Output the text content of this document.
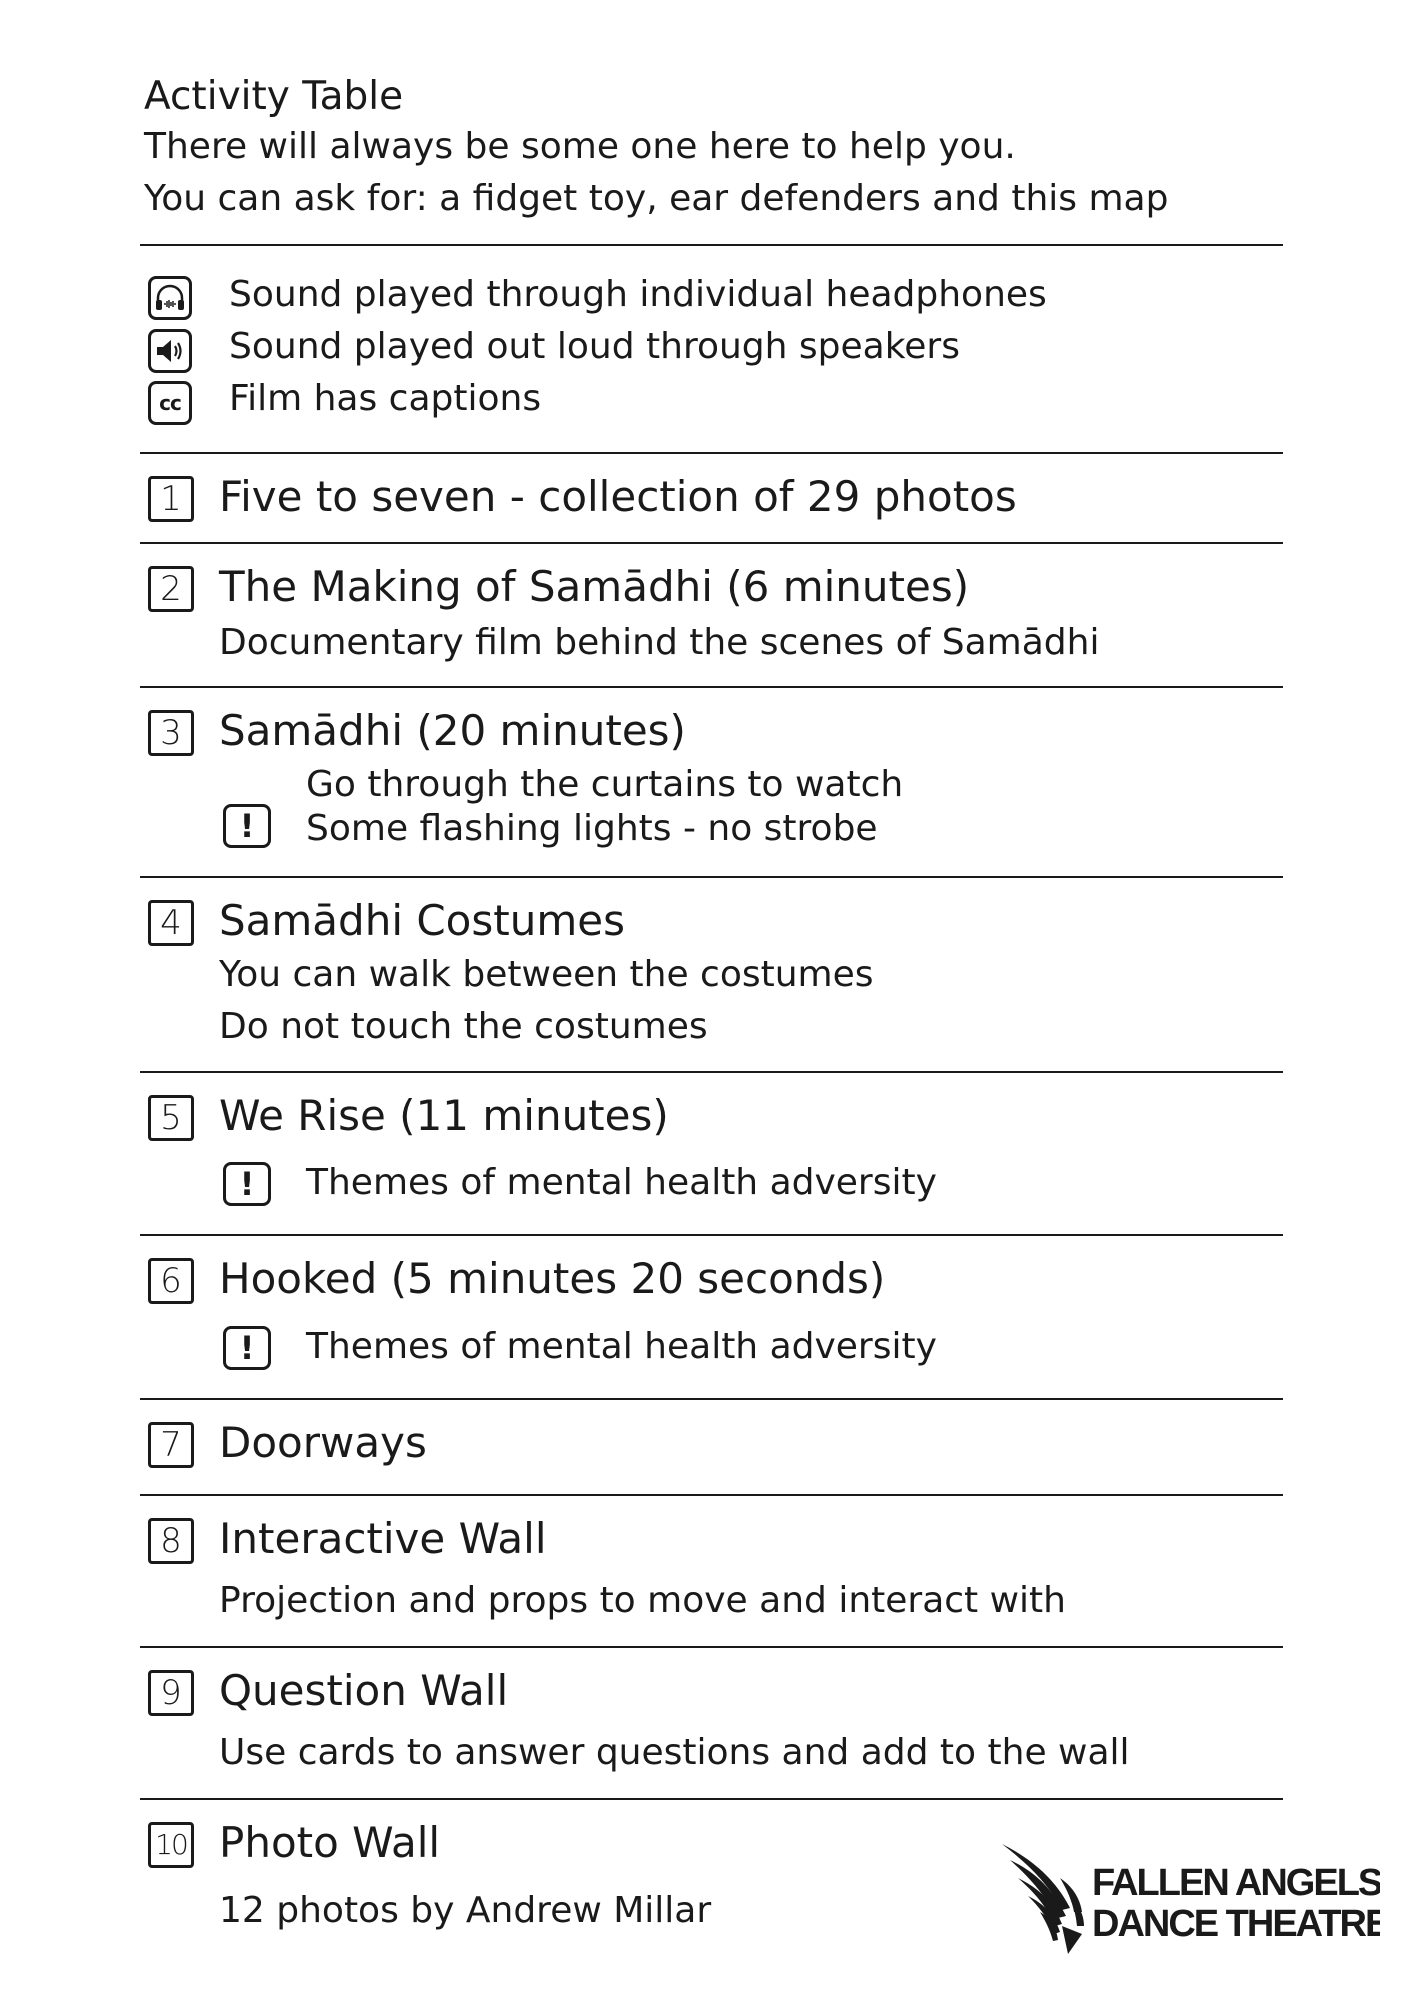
Activity Table
There will always be some one here to help you.
You can ask for: a fidget toy, ear defenders and this map
Sound played through individual headphones
Sound played out loud through speakers
cc Film has captions
1 Five to seven - collection of 29 photos
2 The Making of Samādhi (6 minutes)
Documentary film behind the scenes of Samādhi
3 Samādhi (20 minutes)
Go through the curtains to watch
!	Some flashing lights - no strobe
4 Samādhi Costumes
You can walk between the costumes
Do not touch the costumes
5 We Rise (11 minutes)
!	Themes of mental health adversity
6 Hooked (5 minutes 20 seconds)
!	Themes of mental health adversity
7 Doorways
8 Interactive Wall
Projection and props to move and interact with
9 Question Wall
Use cards to answer questions and add to the wall
10 Photo Wall
12 photos by Andrew Millar
FALLEN ANGELS
DANCE THEATRE
